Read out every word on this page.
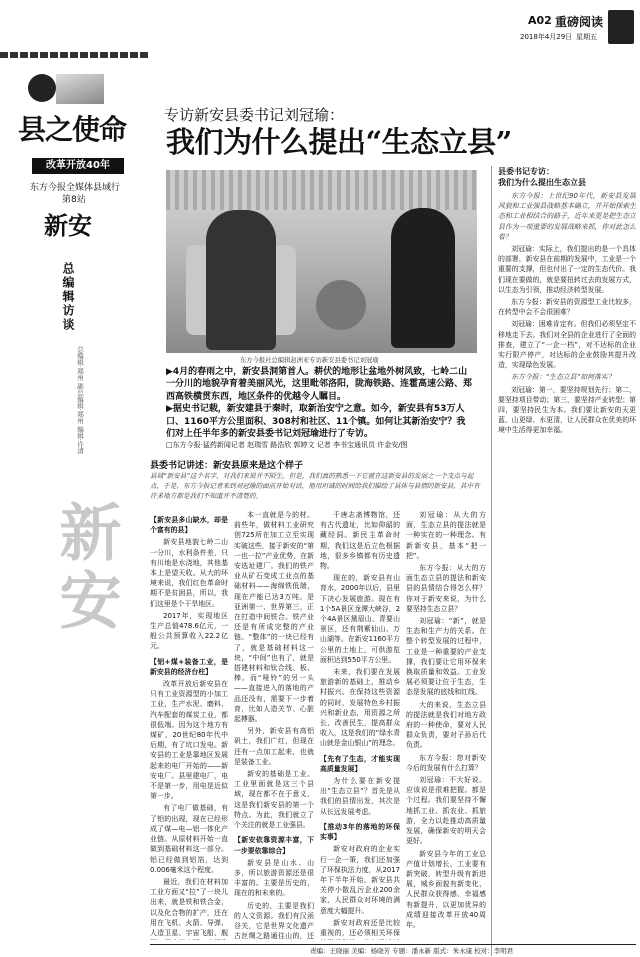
A02 重磅阅读
2018年4月29日 星期五
县之使命
改革开放40年
东方今报全媒体县域行
第8站
新安
总编辑访谈
总编辑·郑州 副总编辑·郑州 编辑·许清
专访新安县委书记刘冠瑜：
我们为什么提出“生态立县”
东方今报社总编辑赵洲亚专访新安县委书记刘冠瑜
▶4月的春雨之中，新安县洞第首人。耕伏的地形让盆地外树风致，七岭二山一分川的地貌孕育着美丽风光，这里毗邻洛阳，陇海铁路、连霍高速公路、郑西高铁横贯东西，地区条件的优越令人瞩目。
▶据史书记载，新安建县于秦时，取新治安宁之意。如今，新安县有53万人口、1160平方公里面积、308村和社区、11个镇。如何让其新治安宁？我们对上任半年多的新安县委书记刘冠瑜进行了专访。
□东方今报·猛药新闻记者 赵瑞雪 路浩欣 郭婷文 记者 李书宝通讯员 许金安/图
县委书记专访：
我们为什么提出生态立县

东方今报：上世纪90年代，新安县发展风貌和工业强县战略基本确立，并开始探索生态和工业相结合的路子，近年来更是把生态立县作为一项重要的发展战略来抓，你对此怎么看？

刘冠瑜：实际上，我们提出的是一个具体的部署，新安县在前期的发展中，工业是一个重要的支撑，但也付出了一定的生态代价。我们现在要做的，就是要扭转过去的发展方式，以生态为引领，推动经济转型发展。

东方今报：新安县的资源型工业比较多，在转型中会不会很困难？

刘冠瑜：困难肯定有。但我们必须坚定不移地走下去。我们对全县的企业进行了全面的排查，建立了“一企一档”，对不达标的企业实行限产停产，对达标的企业鼓励其提升改造，实现绿色发展。

东方今报：“生态立县”如何落实？

刘冠瑜：第一，要坚持规划先行；第二，要坚持项目带动；第三，要坚持产业转型；第四，要坚持民生为本。我们要让新安的天更蓝、山更绿、水更清，让人民群众在优美的环境中生活得更加幸福。

新安
县委书记讲述：新安县原来是这个样子
县域“新安县”这个名字，对我们来说并不陌生，但是，我们真的熟悉一下它就在这新安县的发展之一个支点与起点，于是，东方今报记者来到刘冠瑜的面前开始对话，他用坦诚的时间给我们描绘了县体与县情的新安县，其中有许多地方都是我们不知道并不清楚的。

【 新安县多山缺水，却是个富有的县 】

新安县地貌七岭二山一分川，水利条件差，只有川地是水浇地，其他基本上是望天收。从大的环境来说，我们红色革命时期不是贫困县，所以，我们这里是个干旱地区。

2017年，实现地区生产总值478.6亿元，一般公共预算收入22.2亿元。

【 铝+煤+装备工业，是新安县的经济台柱 】

改革开放后新安县在只有工业资源型的小加工工业，生产水泥、磨料、汽车配套的煤炭工业，都很低端。因为这个地方有煤矿，20世纪80年代中后期，有了坑口发电。新安县的工业是靠地区发展起来的电厂开始的——新安电厂。县里建电厂，电不是第一步，用电是近似第一步。

有了电厂做基础，有了铝的出现，现在已经形成了煤—电—铝一体化产业链。从原材料开始一直做到基础材料这一部分。铝已经做到铝箔，达到0.006毫米这个程度。

最近，我们在材料加工业方面又“拉”了一块儿出来，就是铁和铁合金，以及化合物的扩产，还在用在飞机、火箭、导弹、人造卫星、宇宙飞船、舰

本一直就是今的材。前些年，做材料工业研究创725所在加工立至实现实破这些，接于新安的“第一也一拉”产业优势，在新安选址建厂。我们的铁产业从矿石变成工业点的基础材料——海绵铁低端，现在产能已达3万吨。是亚洲第一、世界第三，正在打造中间铁合。铁产业还是有所成完整的产业链。“整体”的一块已经有了，就是基础材料这一块，“中间”也有了，就是搭建材料和钛合线、板、棒。而“哑铃”的另一头——直接进入的落地的产品还没有，需要下一步着育，比如人造关节、心脏起搏器。

另外，新安县有高铝矾土，我们广红，但现在还有一点加工起来，也就是装备工业。

新安的基础是工业。工业里面就是这三个县域，现在都不在于意义，这是我们新安县的第一个特点。为此，我们就立了个关注的就是工业强县。

【 新安依靠资源丰富，下一步要依靠综合 】

新安县是山水、山多，所以旅游资源还是很丰富的。主要是历史的，现在的和未来的。

历史的，主要是我们的人文资源。我们有汉函谷关，它是世界文化遗产古丝绸之路通往山的，还

千唐志斋博物馆，还有古代遗址，比如仰韶的藏经洞。新民主革命时期，我们这是后立色根据地，很多乡镇都有历史遗物。

现在的，新安县有山育水，2000年以后，县里下决心发展旅游。现在有1个5A景区龙潭大峡谷，2个4A景区黛眉山、青要山景区，还有荆紫仙山、万山湖等。在新安1160平方公里的土地上，可供游览面积达到550平方公里。

未来，我们要在发展旅游新的基础上，推动乡村振兴。在保持这些资源的同时，发展特色乡村振兴和新业态，用资源之所长，改善民生，提高群众收入，这是我们的“绿水青山就是金山银山”的理念。

【 先有了生态，才能实现高质量发展 】

为什么要在新安提出“生态立县”？首先是从我们的县情出发，其次是从长远发展考虑。

【 推动3年的落地的环保实事 】

新安对政府的企业实行一企一策，我们还加强了环保执法力度，从2017年下半年开始，新安县共关停小散乱污企业200余家，人民群众对环境的满意度大幅提升。

新安对政府还是比较重视的，还必须相关环保

刘冠瑜：从大的方面，生态立县的提法就是一种实在的一种理念。有新新安县，基本“把一把”。

东方今报：从大的方面生态立县的提法和新安县的县情结合得怎么样？你对于新安来说，为什么要坚持生态立县？

刘冠瑜：“新”，就是生态和生产力的关系。在整个转型发展的过程中，工业是一种重要的产业支撑，我们要让它用环保来换取质量和效益。工业发展必须要让位于生态，生态是发展的底线和红线。

大的来说，生态立县的提法就是我们对地方政府的一种使命，要对人民群众负责，要对子孙后代负责。

东方今报：您对新安今后的发展有什么打算？

刘冠瑜：不大好说。应该说是很难把握。都是个过程。我们要坚持不懈地抓工业、抓农业、抓旅游，全力以赴推动高质量发展，确保新安的明天会更好。

新安县今年的工业总产值计划增长，工业要有新突破，转型升级有新进展，城乡面貌有新变化，人民群众获得感、幸福感有新提升，以更加优异的成绩迎接改革开放40周年。

责编：王晓丽 美编：杨晓芳 专题：潘永新 版式：朱永康 校对：李明君
